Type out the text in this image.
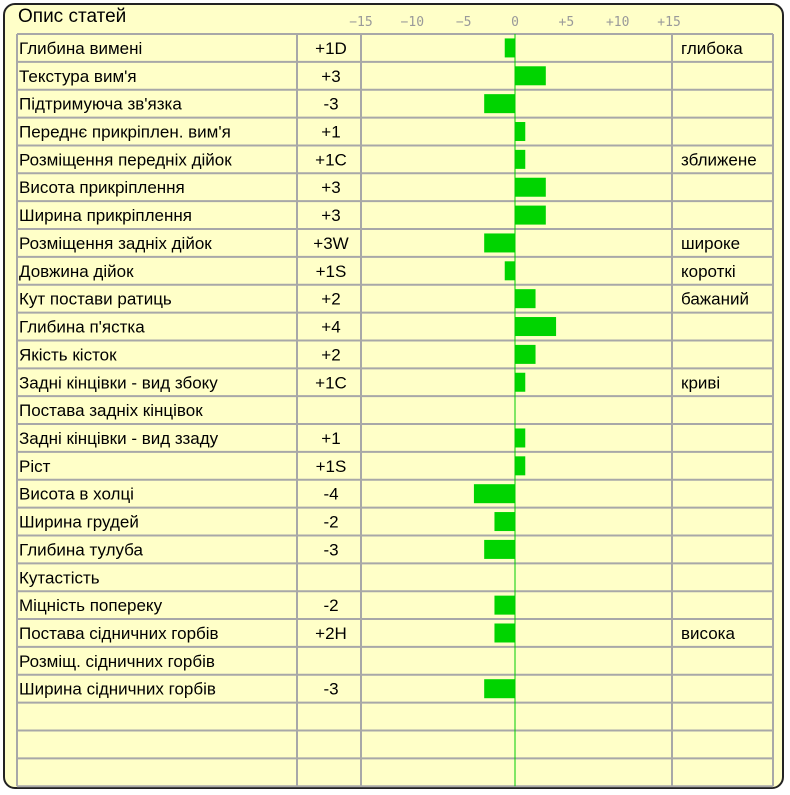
Опис статей	−15 −10 −5	0	+5 +10 +15
Глибина вимені	+1D	глибока
Текстура вим'я	+3
Підтримуюча зв'язка	-3
Переднє прикріплен. вим'я	+1
Розміщення передніх дійок	+1C	зближене
Висота прикріплення	+3
Ширина прикріплення	+3
Розміщення задніх дійок	+3W	широке
Довжина дійок	+1S	короткі
Кут постави ратиць	+2	бажаний
Глибина п'ястка	+4
Якість кісток	+2
Задні кінцівки - вид збоку	+1C	криві
Постава задніх кінцівок
Задні кінцівки - вид ззаду	+1
Ріст	+1S
Висота в холці	-4
Ширина грудей	-2
Глибина тулуба	-3
Кутастість
Міцність поперeку	-2
Постава сідничних горбів	+2H	висока
Розміщ. сідничних горбів
Ширина сідничних горбів	-3
